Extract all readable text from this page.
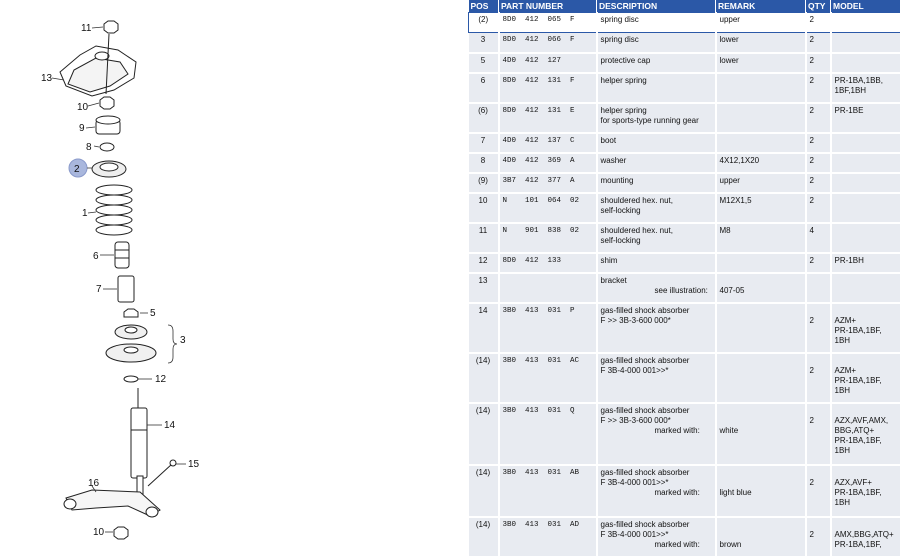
11
13
10
9
8
2
1
6
7
5
3
12
14
15
16
10
POS	PART NUMBER	DESCRIPTION	REMARK	QTY	MODEL
(2)	8D0  412  065  F	spring disc	upper	2	
3	8D0  412  066  F	spring disc	lower	2	
5	4D0  412  127	protective cap	lower	2	
6	8D0  412  131  F	helper spring		2	PR-1BA,1BB,
1BF,1BH

(6)	8D0  412  131  E	helper spring
for sports-type running gear		2	PR-1BE

7	4D0  412  137  C	boot		2	
8	4D0  412  369  A	washer	4X12,1X20	2	
(9)	3B7  412  377  A	mounting	upper	2	
10	N    101  064  02	shouldered hex. nut,
self-locking	M12X1,5	2	
11	N    901  838  02	shouldered hex. nut,
self-locking	M8	4	
12	8D0  412  133	shim		2	PR-1BH

13		bracket
see illustration:	407-05		
14	3B0  413  031  P	gas-filled shock absorber
F >> 3B-3-600 000*		2	AZM+
PR-1BA,1BF,
1BH

(14)	3B0  413  031  AC	gas-filled shock absorber
F 3B-4-000 001>>*		2	AZM+
PR-1BA,1BF,
1BH

(14)	3B0  413  031  Q	gas-filled shock absorber
F >> 3B-3-600 000*
marked with:	white	2	AZX,AVF,AMX,
BBG,ATQ+
PR-1BA,1BF,
1BH

(14)	3B0  413  031  AB	gas-filled shock absorber
F 3B-4-000 001>>*
marked with:	light blue	2	AZX,AVF+
PR-1BA,1BF,
1BH

(14)	3B0  413  031  AD	gas-filled shock absorber
F 3B-4-000 001>>*
marked with:	brown	2	AMX,BBG,ATQ+
PR-1BA,1BF,
